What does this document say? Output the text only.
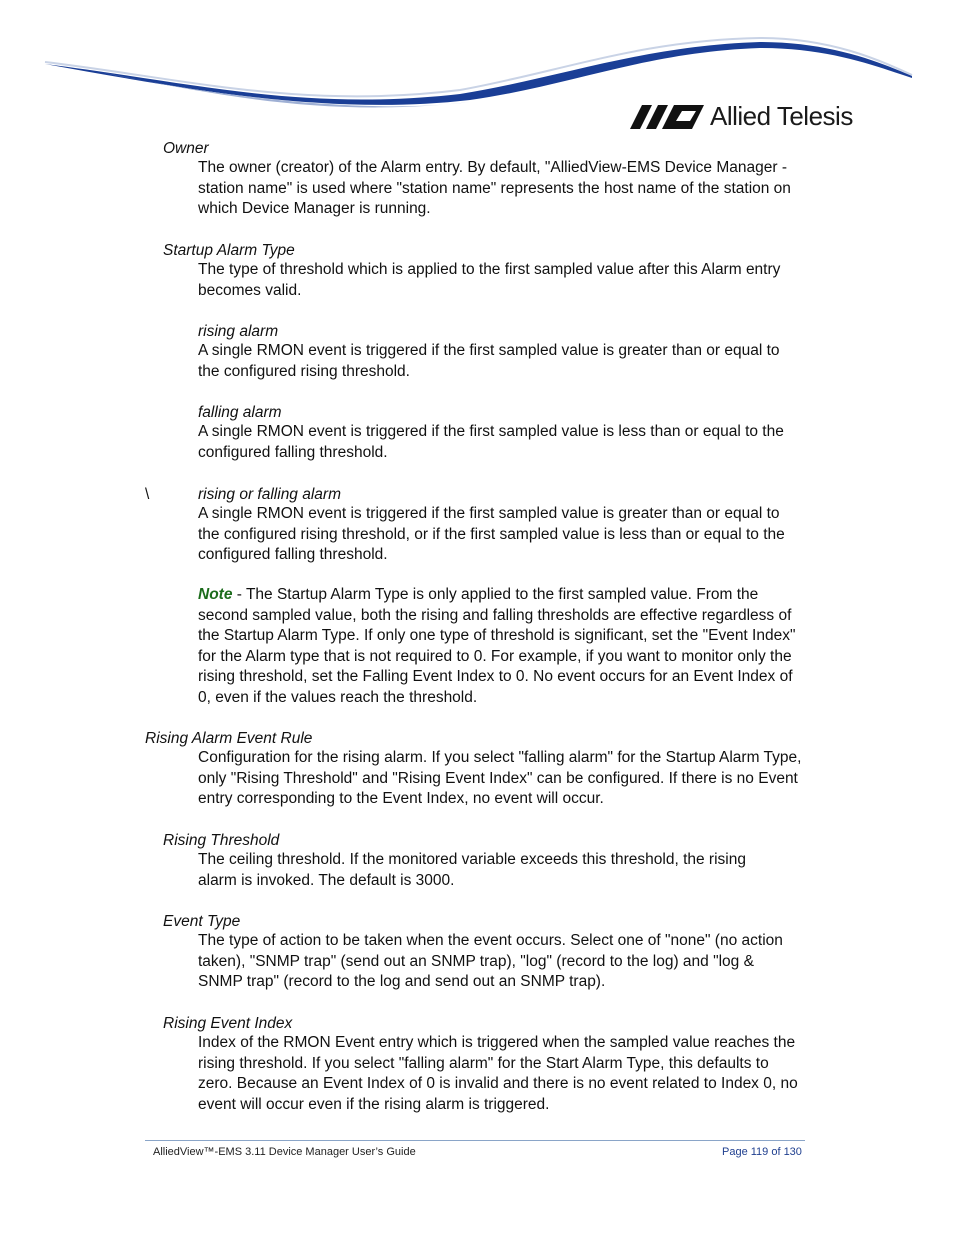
Allied Telesis
Owner
The owner (creator) of the Alarm entry. By default, "AlliedView-EMS Device Manager - station name" is used where "station name" represents the host name of the station on which Device Manager is running.
Startup Alarm Type
The type of threshold which is applied to the first sampled value after this Alarm entry becomes valid.
rising alarm
A single RMON event is triggered if the first sampled value is greater than or equal to the configured rising threshold.
falling alarm
A single RMON event is triggered if the first sampled value is less than or equal to the configured falling threshold.
\	rising or falling alarm
A single RMON event is triggered if the first sampled value is greater than or equal to the configured rising threshold, or if the first sampled value is less than or equal to the configured falling threshold.
Note - The Startup Alarm Type is only applied to the first sampled value. From the second sampled value, both the rising and falling thresholds are effective regardless of the Startup Alarm Type. If only one type of threshold is significant, set the "Event Index" for the Alarm type that is not required to 0. For example, if you want to monitor only the rising threshold, set the Falling Event Index to 0. No event occurs for an Event Index of 0, even if the values reach the threshold.
Rising Alarm Event Rule
Configuration for the rising alarm. If you select "falling alarm" for the Startup Alarm Type, only "Rising Threshold" and "Rising Event Index" can be configured. If there is no Event entry corresponding to the Event Index, no event will occur.
Rising Threshold
The ceiling threshold. If the monitored variable exceeds this threshold, the rising alarm is invoked. The default is 3000.
Event Type
The type of action to be taken when the event occurs. Select one of "none" (no action taken), "SNMP trap" (send out an SNMP trap), "log" (record to the log) and "log & SNMP trap" (record to the log and send out an SNMP trap).
Rising Event Index
Index of the RMON Event entry which is triggered when the sampled value reaches the rising threshold. If you select "falling alarm" for the Start Alarm Type, this defaults to zero. Because an Event Index of 0 is invalid and there is no event related to Index 0, no event will occur even if the rising alarm is triggered.
AlliedView™-EMS 3.11 Device Manager User’s Guide	Page 119 of 130
